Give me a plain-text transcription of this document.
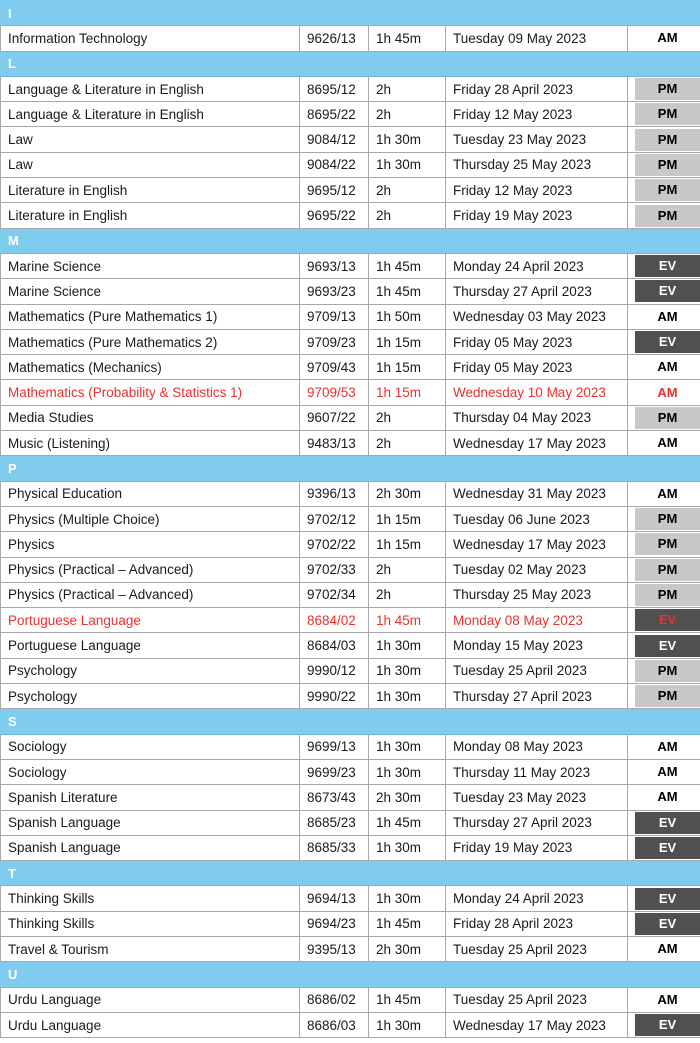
I				
Information Technology	9626/13	1h 45m	Tuesday 09 May 2023	AM

L				
Language & Literature in English	8695/12	2h	Friday 28 April 2023	PM

Language & Literature in English	8695/22	2h	Friday 12 May 2023	PM

Law	9084/12	1h 30m	Tuesday 23 May 2023	PM

Law	9084/22	1h 30m	Thursday 25 May 2023	PM

Literature in English	9695/12	2h	Friday 12 May 2023	PM

Literature in English	9695/22	2h	Friday 19 May 2023	PM

M				
Marine Science	9693/13	1h 45m	Monday 24 April 2023	EV

Marine Science	9693/23	1h 45m	Thursday 27 April 2023	EV

Mathematics (Pure Mathematics 1)	9709/13	1h 50m	Wednesday 03 May 2023	AM

Mathematics (Pure Mathematics 2)	9709/23	1h 15m	Friday 05 May 2023	EV

Mathematics (Mechanics)	9709/43	1h 15m	Friday 05 May 2023	AM

Mathematics (Probability & Statistics 1)	9709/53	1h 15m	Wednesday 10 May 2023	AM

Media Studies	9607/22	2h	Thursday 04 May 2023	PM

Music (Listening)	9483/13	2h	Wednesday 17 May 2023	AM

P				
Physical Education	9396/13	2h 30m	Wednesday 31 May 2023	AM

Physics (Multiple Choice)	9702/12	1h 15m	Tuesday 06 June 2023	PM

Physics	9702/22	1h 15m	Wednesday 17 May 2023	PM

Physics (Practical – Advanced)	9702/33	2h	Tuesday 02 May 2023	PM

Physics (Practical – Advanced)	9702/34	2h	Thursday 25 May 2023	PM

Portuguese Language	8684/02	1h 45m	Monday 08 May 2023	EV

Portuguese Language	8684/03	1h 30m	Monday 15 May 2023	EV

Psychology	9990/12	1h 30m	Tuesday 25 April 2023	PM

Psychology	9990/22	1h 30m	Thursday 27 April 2023	PM

S				
Sociology	9699/13	1h 30m	Monday 08 May 2023	AM

Sociology	9699/23	1h 30m	Thursday 11 May 2023	AM

Spanish Literature	8673/43	2h 30m	Tuesday 23 May 2023	AM

Spanish Language	8685/23	1h 45m	Thursday 27 April 2023	EV

Spanish Language	8685/33	1h 30m	Friday 19 May 2023	EV

T				
Thinking Skills	9694/13	1h 30m	Monday 24 April 2023	EV

Thinking Skills	9694/23	1h 45m	Friday 28 April 2023	EV

Travel & Tourism	9395/13	2h 30m	Tuesday 25 April 2023	AM

U				
Urdu Language	8686/02	1h 45m	Tuesday 25 April 2023	AM

Urdu Language	8686/03	1h 30m	Wednesday 17 May 2023	EV
